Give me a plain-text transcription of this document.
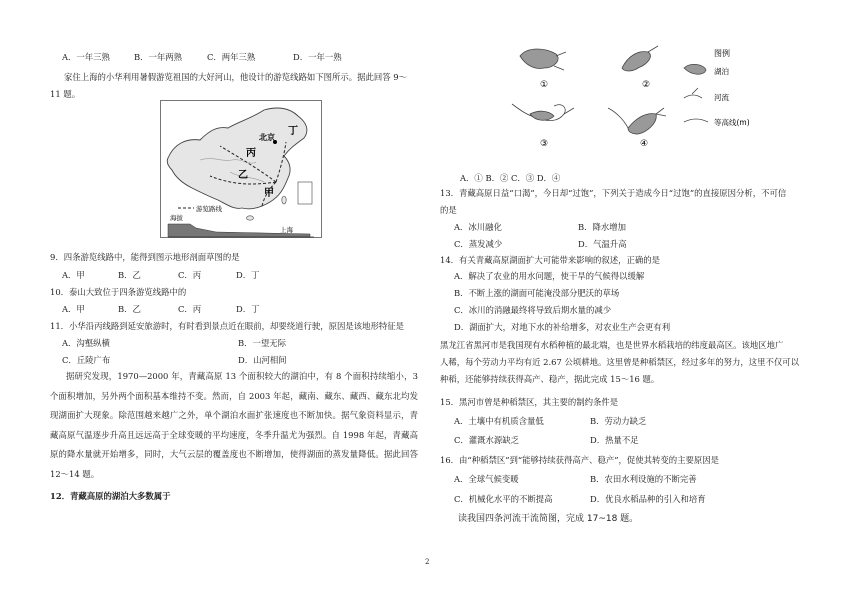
A．一年三熟	B．一年两熟	C．两年三熟	D．一年一熟
家住上海的小华利用暑假游览祖国的大好河山，他设计的游览线路如下图所示。据此回答 9～
11 题。
北京
丁
丙
乙
甲
游览路线
海拔
上海
9．四条游览线路中，能得到图示地形剖面草图的是
A．甲	B．乙	C．丙	D．丁
10．泰山大致位于四条游览线路中的
A．甲	B．乙	C．丙	D．丁
11．小华沿丙线路到延安旅游时，有时看到景点近在眼前，却要绕道行驶，原因是该地形特征是
A．沟壑纵横	B．一望无际
C．丘陵广布	D．山河相间
据研究发现，1970—2000 年，青藏高原 13 个面积较大的湖泊中，有 8 个面积持续缩小，3 个面积增加，另外两个面积基本维持不变。然而，自 2003 年起，藏南、藏东、藏西、藏东北均发现湖面扩大现象。除范围越来越广之外，单个湖泊水面扩张速度也不断加快。据气象资料显示，青藏高原气温逐步升高且远远高于全球变暖的平均速度，冬季升温尤为强烈。自 1998 年起，青藏高原的降水量就开始增多，同时，大气云层的覆盖度也不断增加，使得湖面的蒸发量降低。据此回答 12～14 题。
12．青藏高原的湖泊大多数属于
①	②
③	④
图例
湖泊
河流
等高线(m)
A．① B．② C．③ D．④
13．青藏高原日益“口渴”，今日却“过饱”，下列关于造成今日“过饱”的直接原因分析，不可信
的是
A．冰川融化	B．降水增加
C．蒸发减少	D．气温升高
14．有关青藏高原湖面扩大可能带来影响的叙述，正确的是
A．解决了农业的用水问题，使干旱的气候得以缓解
B．不断上涨的湖面可能淹没部分肥沃的草场
C．冰川的消融最终将导致后期水量的减少
D．湖面扩大，对地下水的补给增多，对农业生产会更有利
黑龙江省黑河市是我国现有水稻种植的最北端，也是世界水稻栽培的纬度最高区。该地区地广
人稀，每个劳动力平均有近 2.67 公顷耕地。这里曾是种稻禁区，经过多年的努力，这里不仅可以
种稻，还能够持续获得高产、稳产，据此完成 15～16 题。
15．黑河市曾是种稻禁区，其主要的制约条件是
A．土壤中有机质含量低	B．劳动力缺乏
C．灌溉水源缺乏	D．热量不足
16．由“种稻禁区”到“能够持续获得高产、稳产”，促使其转变的主要原因是
A．全球气候变暖	B．农田水利设施的不断完善
C．机械化水平的不断提高	D．优良水稻品种的引入和培育
读我国四条河流干流简图，完成 17~18 题。
2
